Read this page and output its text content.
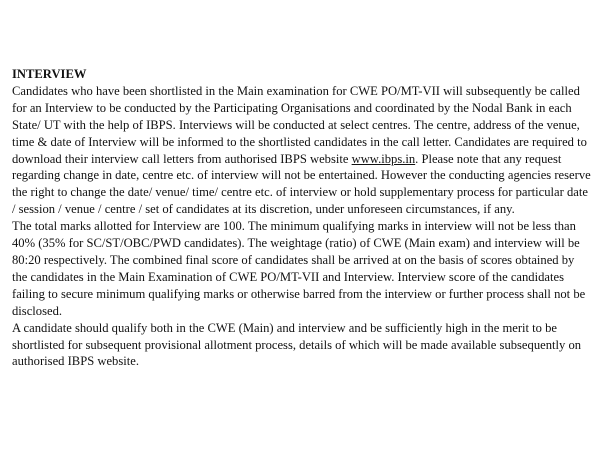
INTERVIEW

Candidates who have been shortlisted in the Main examination for CWE PO/MT-VII will subsequently be called for an Interview to be conducted by the Participating Organisations and coordinated by the Nodal Bank in each State/ UT with the help of IBPS. Interviews will be conducted at select centres. The centre, address of the venue, time & date of Interview will be informed to the shortlisted candidates in the call letter. Candidates are required to download their interview call letters from authorised IBPS website www.ibps.in. Please note that any request regarding change in date, centre etc. of interview will not be entertained. However the conducting agencies reserve the right to change the date/ venue/ time/ centre etc. of interview or hold supplementary process for particular date / session / venue / centre / set of candidates at its discretion, under unforeseen circumstances, if any.

The total marks allotted for Interview are 100. The minimum qualifying marks in interview will not be less than 40% (35% for SC/ST/OBC/PWD candidates). The weightage (ratio) of CWE (Main exam) and interview will be 80:20 respectively. The combined final score of candidates shall be arrived at on the basis of scores obtained by the candidates in the Main Examination of CWE PO/MT-VII and Interview. Interview score of the candidates failing to secure minimum qualifying marks or otherwise barred from the interview or further process shall not be disclosed.

A candidate should qualify both in the CWE (Main) and interview and be sufficiently high in the merit to be shortlisted for subsequent provisional allotment process, details of which will be made available subsequently on authorised IBPS website.
